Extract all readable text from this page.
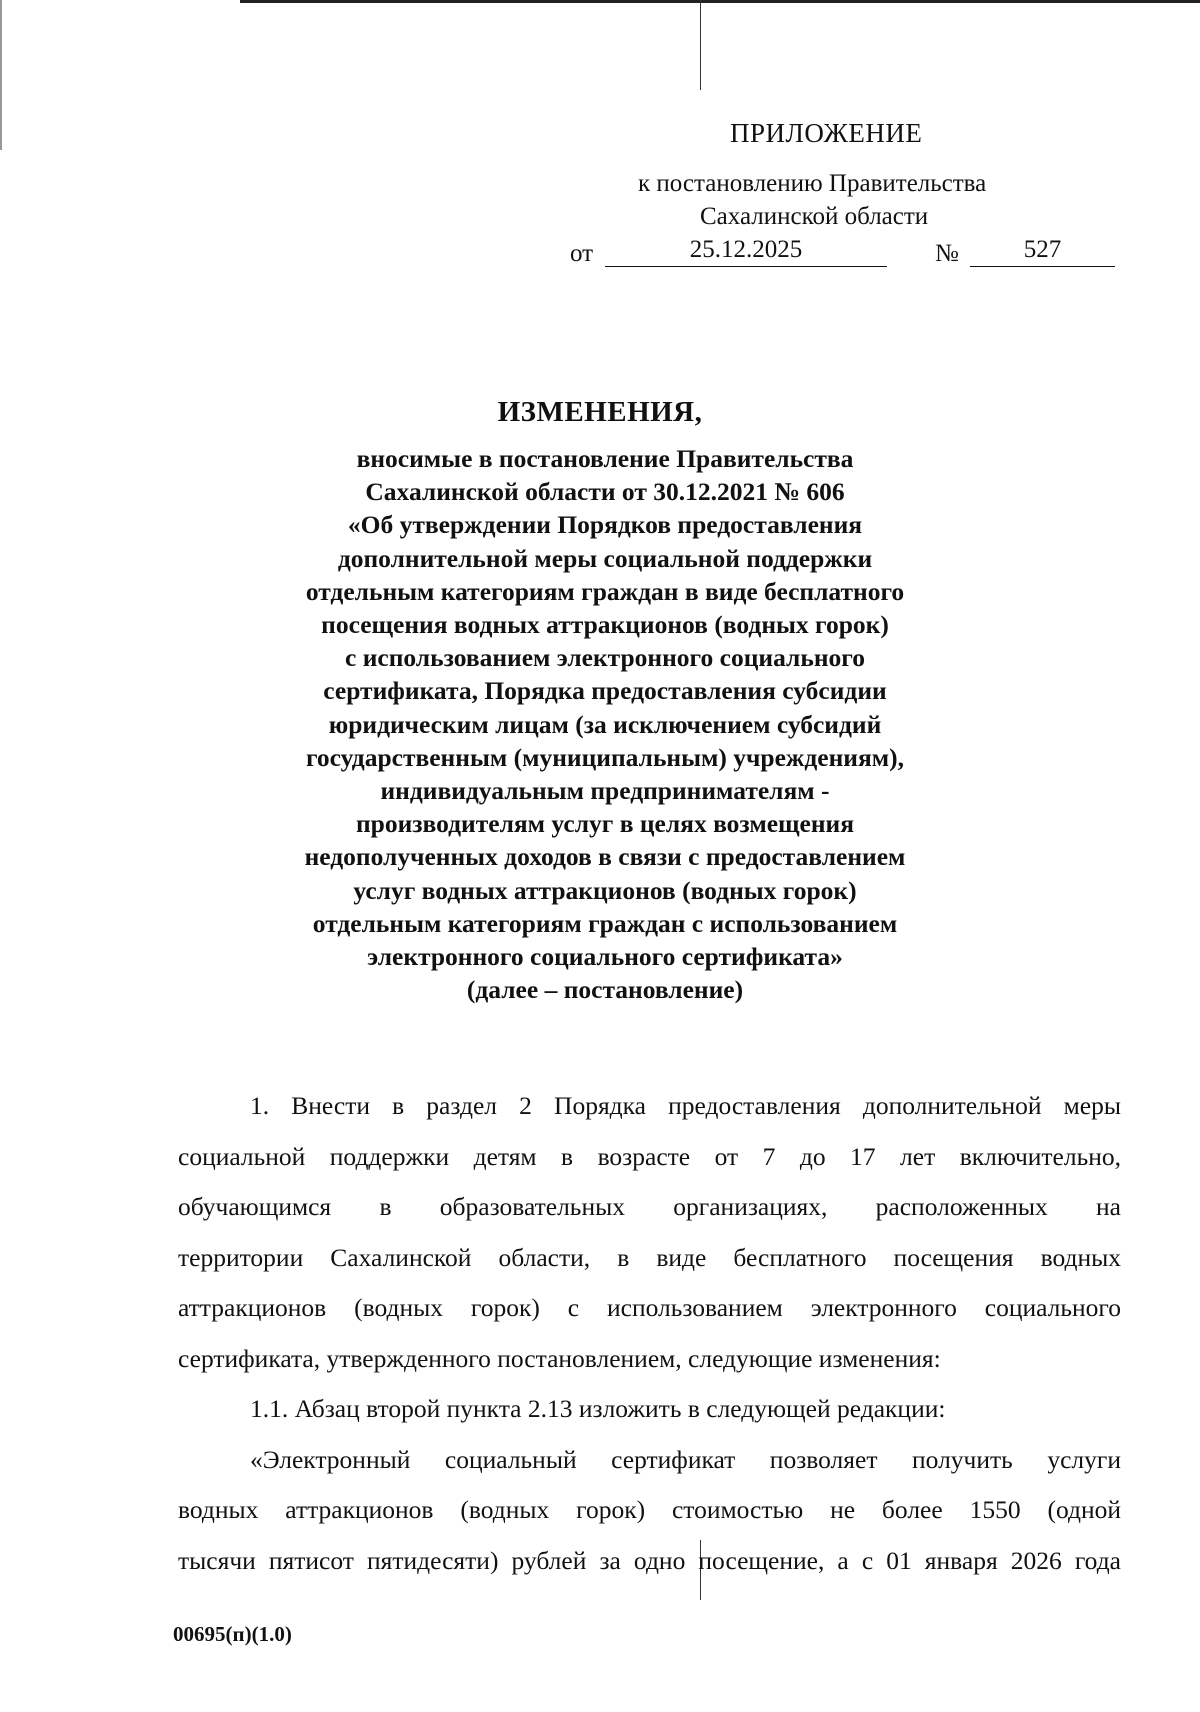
ПРИЛОЖЕНИЕ
к постановлению Правительства
Сахалинской области
от	25.12.2025	№	527
ИЗМЕНЕНИЯ,
вносимые в постановление Правительства
Сахалинской области от 30.12.2021 № 606
«Об утверждении Порядков предоставления
дополнительной меры социальной поддержки
отдельным категориям граждан в виде бесплатного
посещения водных аттракционов (водных горок)
с использованием электронного социального
сертификата, Порядка предоставления субсидии
юридическим лицам (за исключением субсидий
государственным (муниципальным) учреждениям),
индивидуальным предпринимателям -
производителям услуг в целях возмещения
недополученных доходов в связи с предоставлением
услуг водных аттракционов (водных горок)
отдельным категориям граждан с использованием
электронного социального сертификата»
(далее – постановление)

1. Внести в раздел 2 Порядка предоставления дополнительной меры

социальной поддержки детям в возрасте от 7 до 17 лет включительно,

обучающимся в образовательных организациях, расположенных на

территории Сахалинской области, в виде бесплатного посещения водных

аттракционов (водных горок) с использованием электронного социального

сертификата, утвержденного постановлением, следующие изменения:

1.1. Абзац второй пункта 2.13 изложить в следующей редакции:

«Электронный социальный сертификат позволяет получить услуги

водных аттракционов (водных горок) стоимостью не более 1550 (одной

тысячи пятисот пятидесяти) рублей за одно посещение, а с 01 января 2026 года

00695(п)(1.0)
